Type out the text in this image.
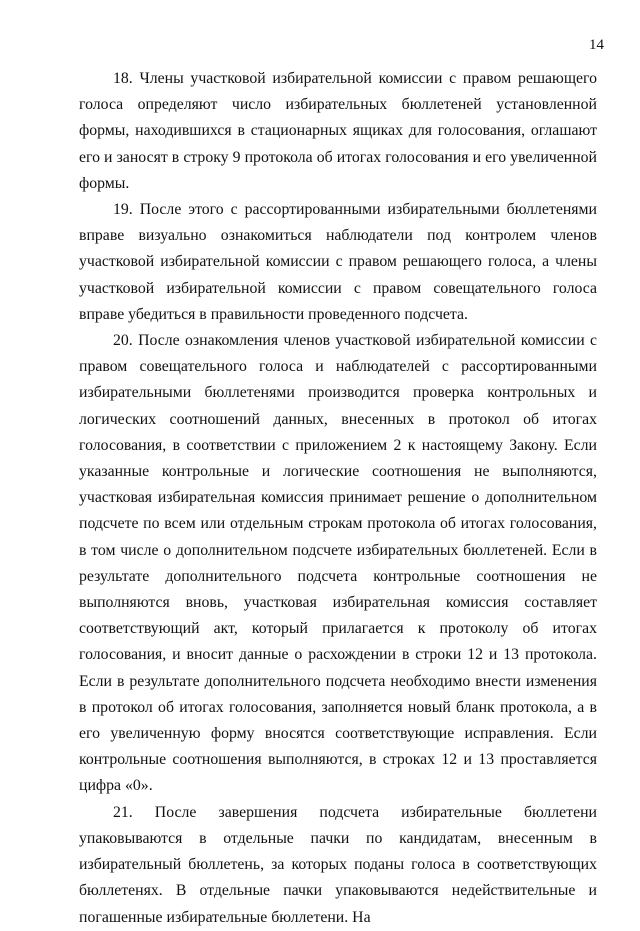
14

18. Члены участковой избирательной комиссии с правом решающего голоса определяют число избирательных бюллетеней установленной формы, находившихся в стационарных ящиках для голосования, оглашают его и заносят в строку 9 протокола об итогах голосования и его увеличенной формы.

19. После этого с рассортированными избирательными бюллетенями вправе визуально ознакомиться наблюдатели под контролем членов участковой избирательной комиссии с правом решающего голоса, а члены участковой избирательной комиссии с правом совещательного голоса вправе убедиться в правильности проведенного подсчета.

20. После ознакомления членов участковой избирательной комиссии с правом совещательного голоса и наблюдателей с рассортированными избирательными бюллетенями производится проверка контрольных и логических соотношений данных, внесенных в протокол об итогах голосования, в соответствии с приложением 2 к настоящему Закону. Если указанные контрольные и логические соотношения не выполняются, участковая избирательная комиссия принимает решение о дополнительном подсчете по всем или отдельным строкам протокола об итогах голосования, в том числе о дополнительном подсчете избирательных бюллетеней. Если в результате дополнительного подсчета контрольные соотношения не выполняются вновь, участковая избирательная комиссия составляет соответствующий акт, который прилагается к протоколу об итогах голосования, и вносит данные о расхождении в строки 12 и 13 протокола. Если в результате дополнительного подсчета необходимо внести изменения в протокол об итогах голосования, заполняется новый бланк протокола, а в его увеличенную форму вносятся соответствующие исправления. Если контрольные соотношения выполняются, в строках 12 и 13 проставляется цифра «0».

21. После завершения подсчета избирательные бюллетени упаковываются в отдельные пачки по кандидатам, внесенным в избирательный бюллетень, за которых поданы голоса в соответствующих бюллетенях. В отдельные пачки упаковываются недействительные и погашенные избирательные бюллетени. На
